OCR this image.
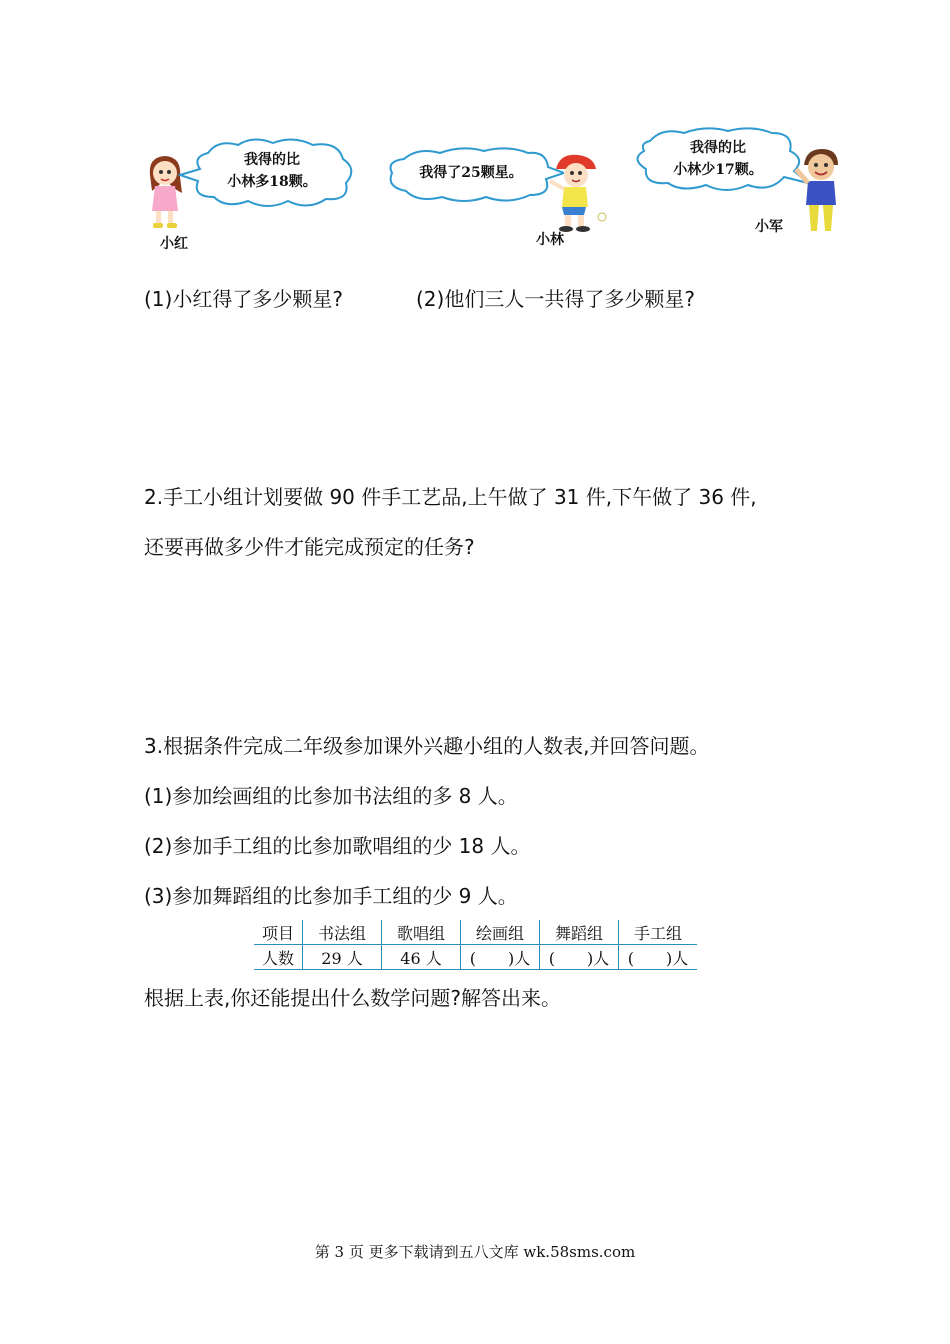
小红
我得的比
小林多18颗。
我得了25颗星。
小林
我得的比
小林少17颗。
小军
(1)小红得了多少颗星?	(2)他们三人一共得了多少颗星?
2.手工小组计划要做 90 件手工艺品,上午做了 31 件,下午做了 36 件,
还要再做多少件才能完成预定的任务?
3.根据条件完成二年级参加课外兴趣小组的人数表,并回答问题。
(1)参加绘画组的比参加书法组的多 8 人。
(2)参加手工组的比参加歌唱组的少 18 人。
(3)参加舞蹈组的比参加手工组的少 9 人。
项目	书法组	歌唱组	绘画组	舞蹈组	手工组
人数	29 人	46 人	(　　)人	(　　)人	(　　)人
根据上表,你还能提出什么数学问题?解答出来。
第 3 页 更多下载请到五八文库 wk.58sms.com
